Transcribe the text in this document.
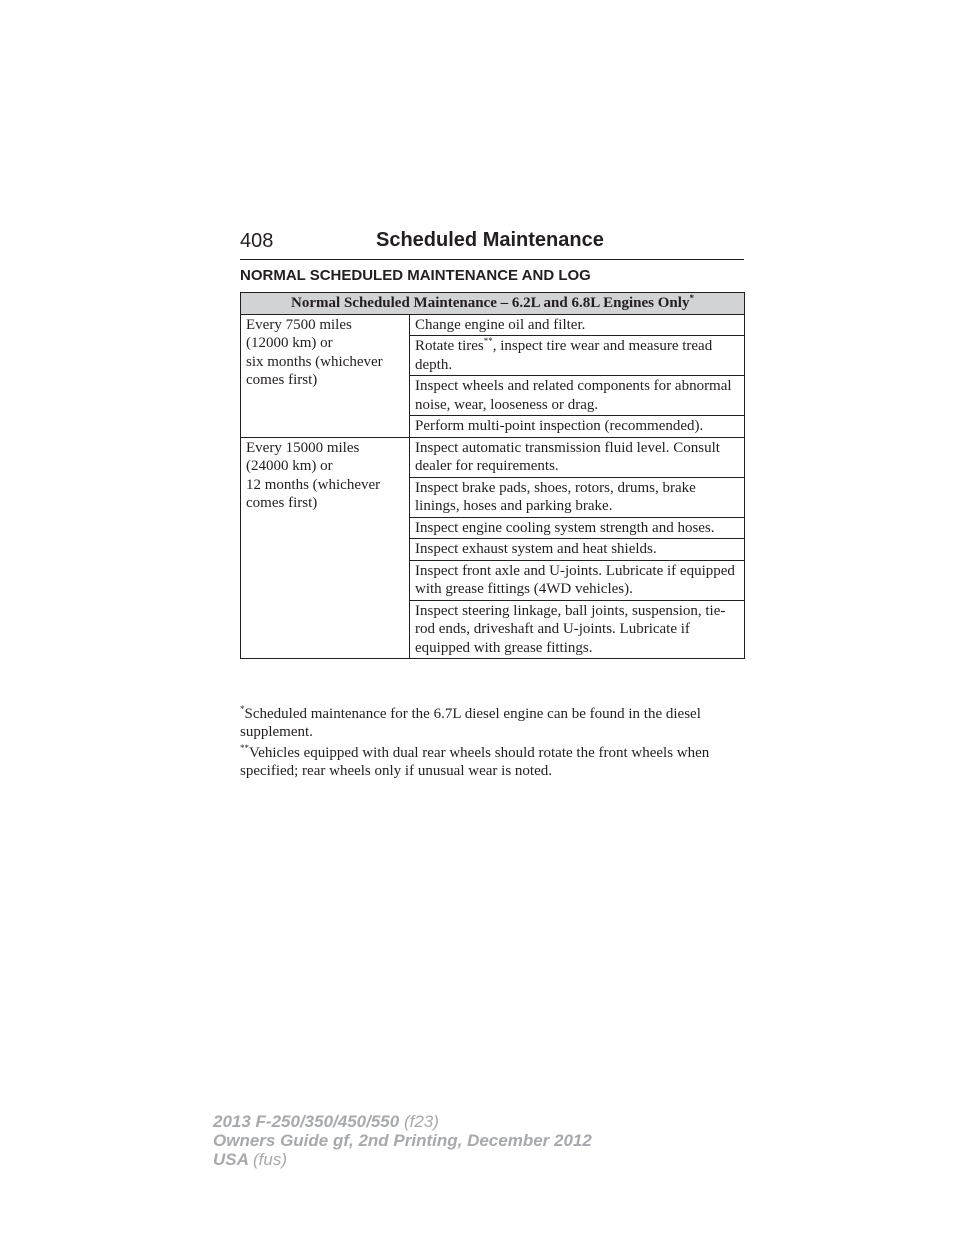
408	Scheduled Maintenance
NORMAL SCHEDULED MAINTENANCE AND LOG
Normal Scheduled Maintenance – 6.2L and 6.8L Engines Only*

Every 7500 miles
(12000 km) or
six months (whichever
comes first)	Change engine oil and filter.
	Rotate tires**, inspect tire wear and measure tread depth.
	Inspect wheels and related components for abnormal noise, wear, looseness or drag.
	Perform multi-point inspection (recommended).

Every 15000 miles
(24000 km) or
12 months (whichever
comes first)	Inspect automatic transmission fluid level. Consult dealer for requirements.
	Inspect brake pads, shoes, rotors, drums, brake linings, hoses and parking brake.
	Inspect engine cooling system strength and hoses.
	Inspect exhaust system and heat shields.
	Inspect front axle and U-joints. Lubricate if equipped with grease fittings (4WD vehicles).
	Inspect steering linkage, ball joints, suspension, tie-rod ends, driveshaft and U-joints. Lubricate if equipped with grease fittings.
*Scheduled maintenance for the 6.7L diesel engine can be found in the diesel supplement.
**Vehicles equipped with dual rear wheels should rotate the front wheels when specified; rear wheels only if unusual wear is noted.
2013 F-250/350/450/550 (f23)
Owners Guide gf, 2nd Printing, December 2012
USA (fus)
